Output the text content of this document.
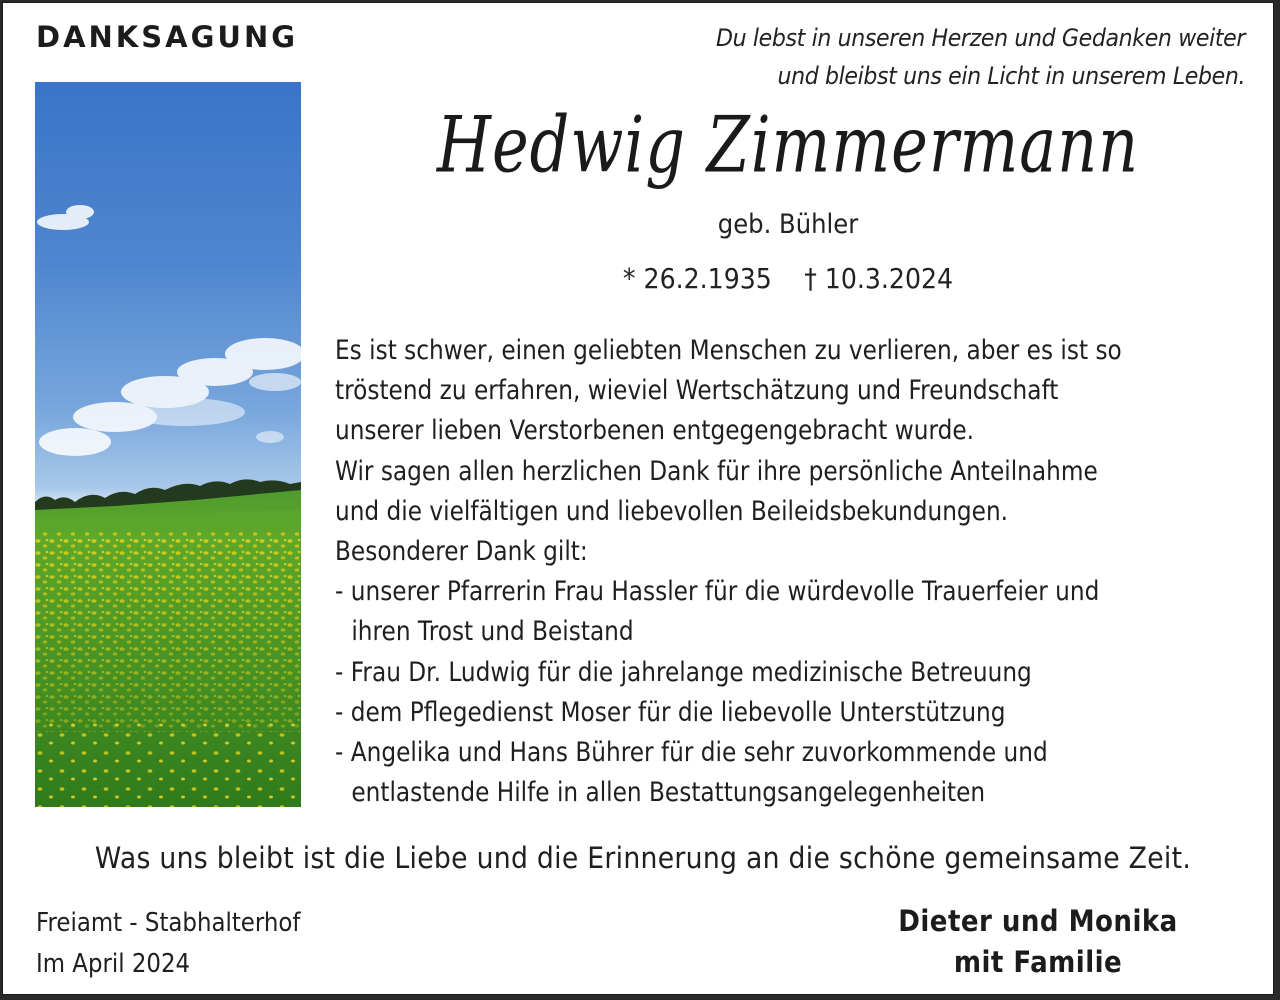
DANKSAGUNG	Du lebst in unseren Herzen und Gedanken weiter
und bleibst uns ein Licht in unserem Leben.
Hedwig Zimmermann
geb. Bühler
* 26.2.1935 † 10.3.2024
Es ist schwer, einen geliebten Menschen zu verlieren, aber es ist so
tröstend zu erfahren, wieviel Wertschätzung und Freundschaft
unserer lieben Verstorbenen entgegengebracht wurde.
Wir sagen allen herzlichen Dank für ihre persönliche Anteilnahme
und die vielfältigen und liebevollen Beileidsbekundungen.
Besonderer Dank gilt:
- unserer Pfarrerin Frau Hassler für die würdevolle Trauerfeier und
ihren Trost und Beistand
- Frau Dr. Ludwig für die jahrelange medizinische Betreuung
- dem Pflegedienst Moser für die liebevolle Unterstützung
- Angelika und Hans Bührer für die sehr zuvorkommende und
entlastende Hilfe in allen Bestattungsangelegenheiten
Was uns bleibt ist die Liebe und die Erinnerung an die schöne gemeinsame Zeit.
Freiamt - Stabhalterhof
Im April 2024
Dieter und Monika
mit Familie
